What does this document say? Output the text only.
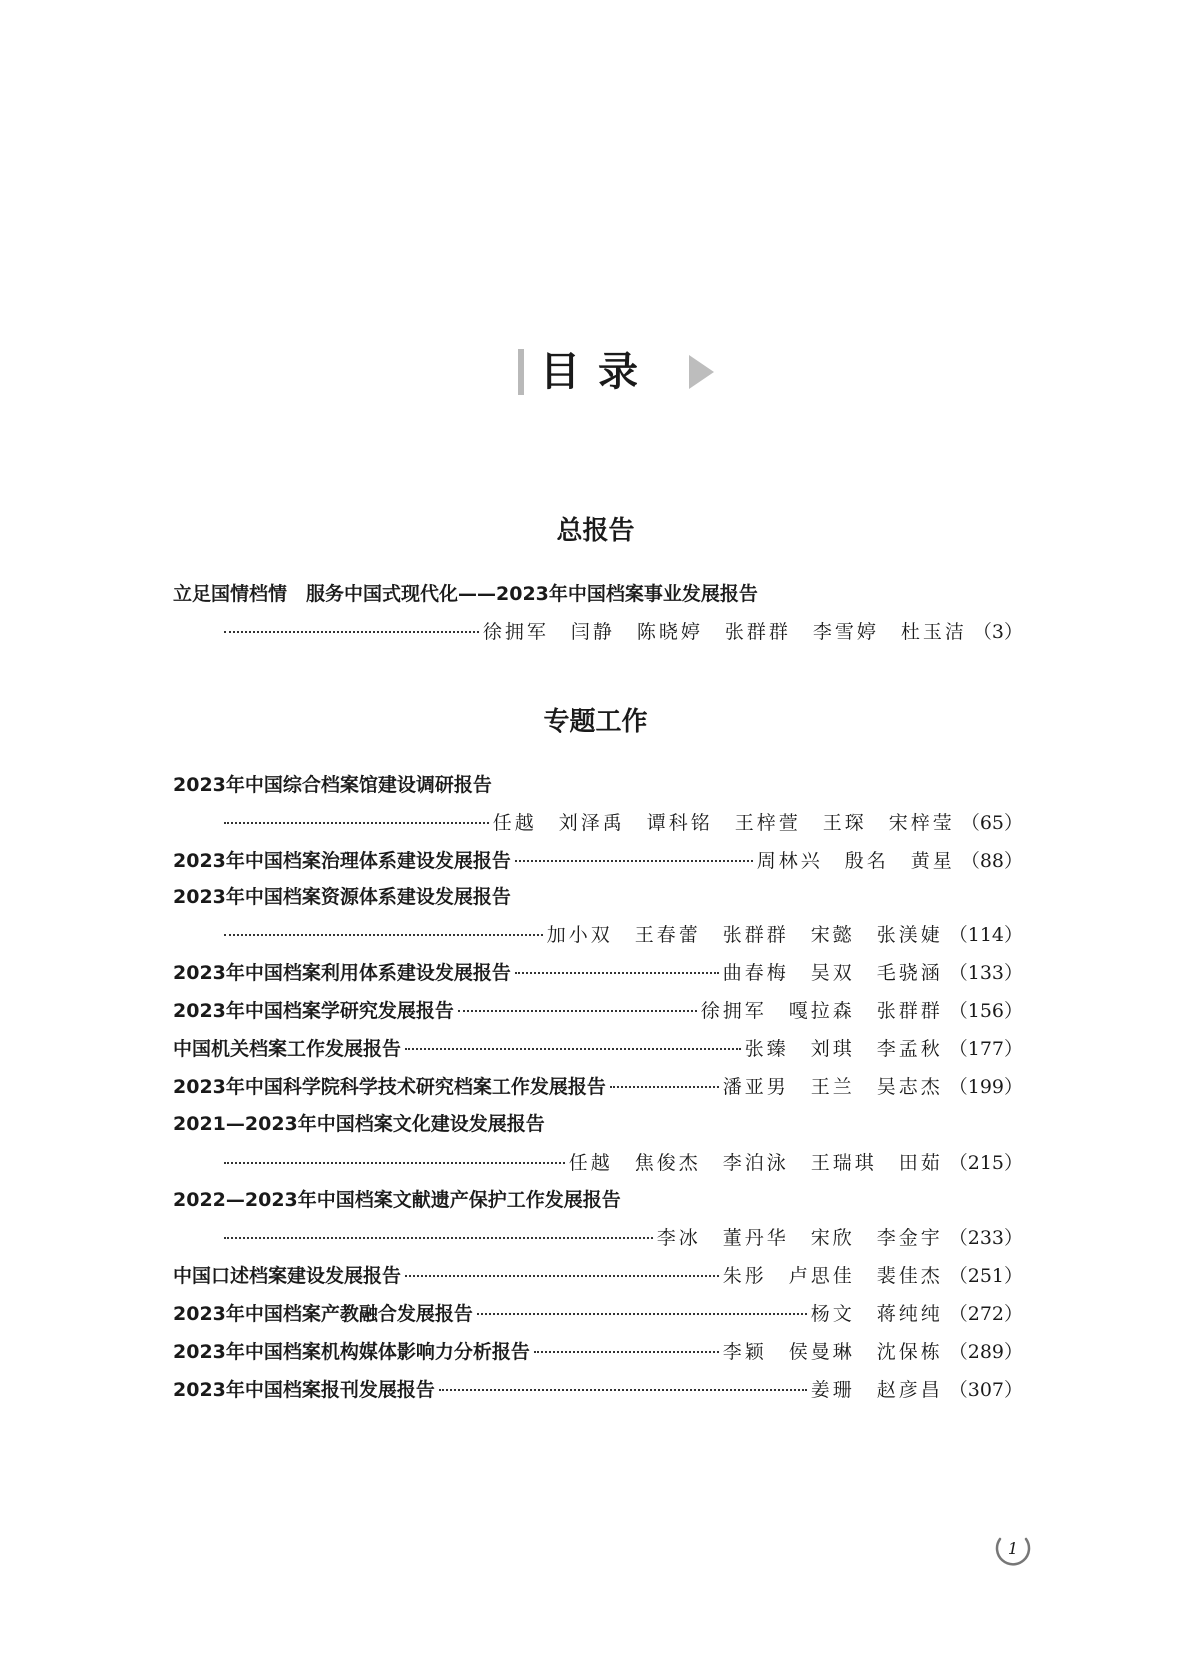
目录
总报告
立足国情档情　服务中国式现代化——2023年中国档案事业发展报告
徐拥军　闫静　陈晓婷　张群群　李雪婷　杜玉洁 （3）
专题工作
2023年中国综合档案馆建设调研报告
任越　刘泽禹　谭科铭　王梓萱　王琛　宋梓莹 （65）
2023年中国档案治理体系建设发展报告	周林兴　殷名　黄星 （88）
2023年中国档案资源体系建设发展报告
加小双　王春蕾　张群群　宋懿　张渼婕 （114）
2023年中国档案利用体系建设发展报告	曲春梅　吴双　毛骁涵 （133）
2023年中国档案学研究发展报告	徐拥军　嘎拉森　张群群 （156）
中国机关档案工作发展报告	张臻　刘琪　李孟秋 （177）
2023年中国科学院科学技术研究档案工作发展报告	潘亚男　王兰　吴志杰 （199）
2021—2023年中国档案文化建设发展报告
任越　焦俊杰　李泊泳　王瑞琪　田茹 （215）
2022—2023年中国档案文献遗产保护工作发展报告
李冰　董丹华　宋欣　李金宇 （233）
中国口述档案建设发展报告	朱彤　卢思佳　裴佳杰 （251）
2023年中国档案产教融合发展报告	杨文　蒋纯纯 （272）
2023年中国档案机构媒体影响力分析报告	李颖　侯曼琳　沈保栋 （289）
2023年中国档案报刊发展报告	姜珊　赵彦昌 （307）
1
